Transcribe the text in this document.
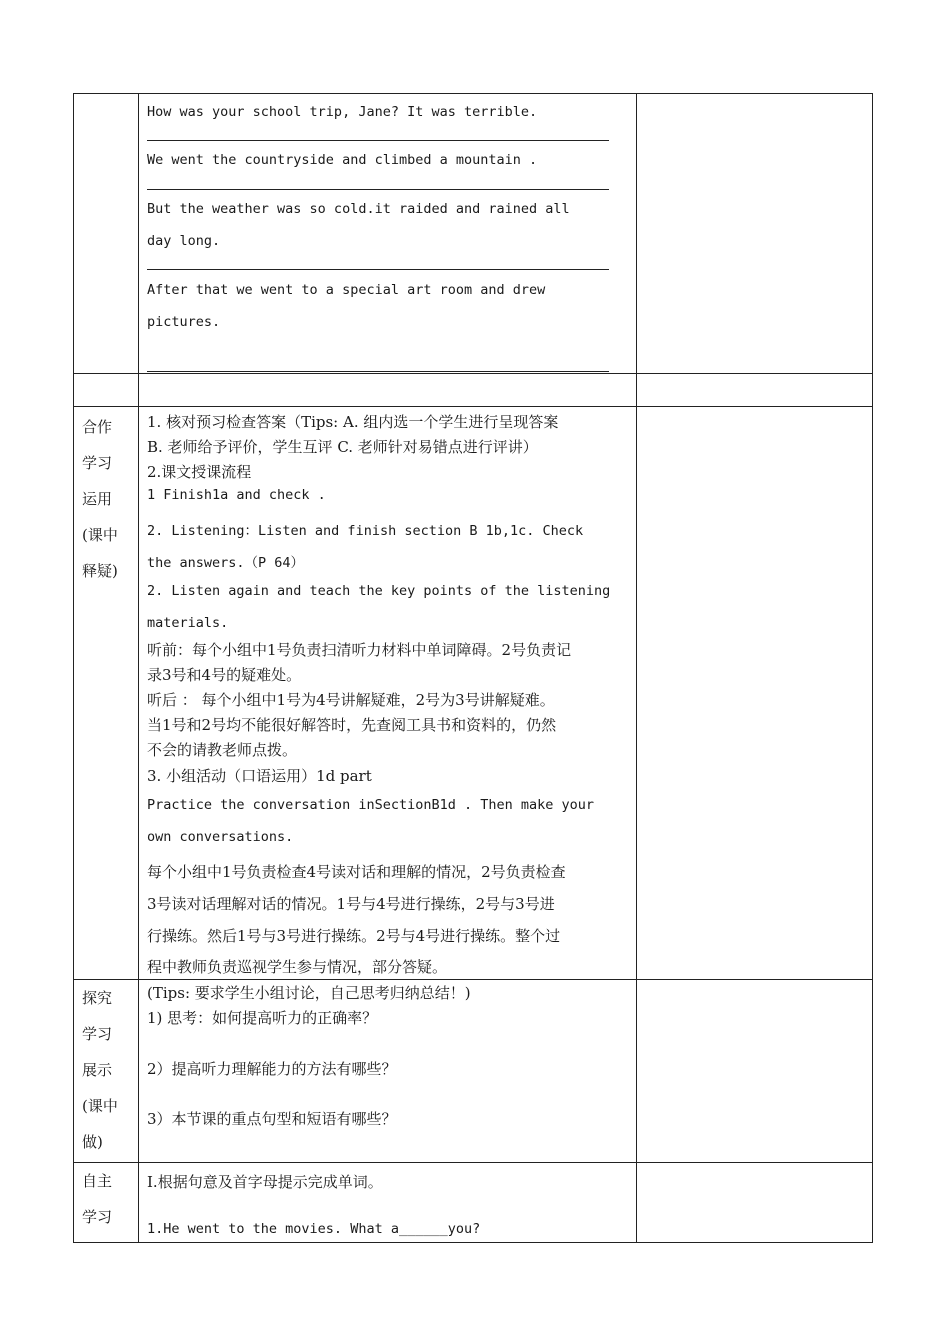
How was your school trip, Jane? It was terrible.
We went the countryside and climbed a mountain .
But the weather was so cold.it raided and rained all
day long.
After that we went to a special art room and drew
pictures.
合作
学习
运用
(课中
释疑)
1. 核对预习检查答案（Tips: A. 组内选一个学生进行呈现答案
B. 老师给予评价，学生互评 C. 老师针对易错点进行评讲）
2.课文授课流程
1 Finish1a and check .
2. Listening：Listen and finish section B 1b,1c. Check
the answers.（P 64）
2. Listen again and teach the key points of the listening
materials.
听前：每个小组中1号负责扫清听力材料中单词障碍。2号负责记
录3号和4号的疑难处。
听后 ： 每个小组中1号为4号讲解疑难，2号为3号讲解疑难。
当1号和2号均不能很好解答时，先查阅工具书和资料的，仍然
不会的请教老师点拨。
3. 小组活动（口语运用）1d part
Practice the conversation inSectionB1d . Then make your
own conversations.
每个小组中1号负责检查4号读对话和理解的情况，2号负责检查
3号读对话理解对话的情况。1号与4号进行操练，2号与3号进
行操练。然后1号与3号进行操练。2号与4号进行操练。整个过
程中教师负责巡视学生参与情况，部分答疑。
探究
学习
展示
(课中
做)
(Tips: 要求学生小组讨论，自己思考归纳总结！)
1) 思考：如何提高听力的正确率？
2）提高听力理解能力的方法有哪些？
3）本节课的重点句型和短语有哪些？
自主
学习
Ⅰ.根据句意及首字母提示完成单词。
1.He went to the movies. What a______you?
